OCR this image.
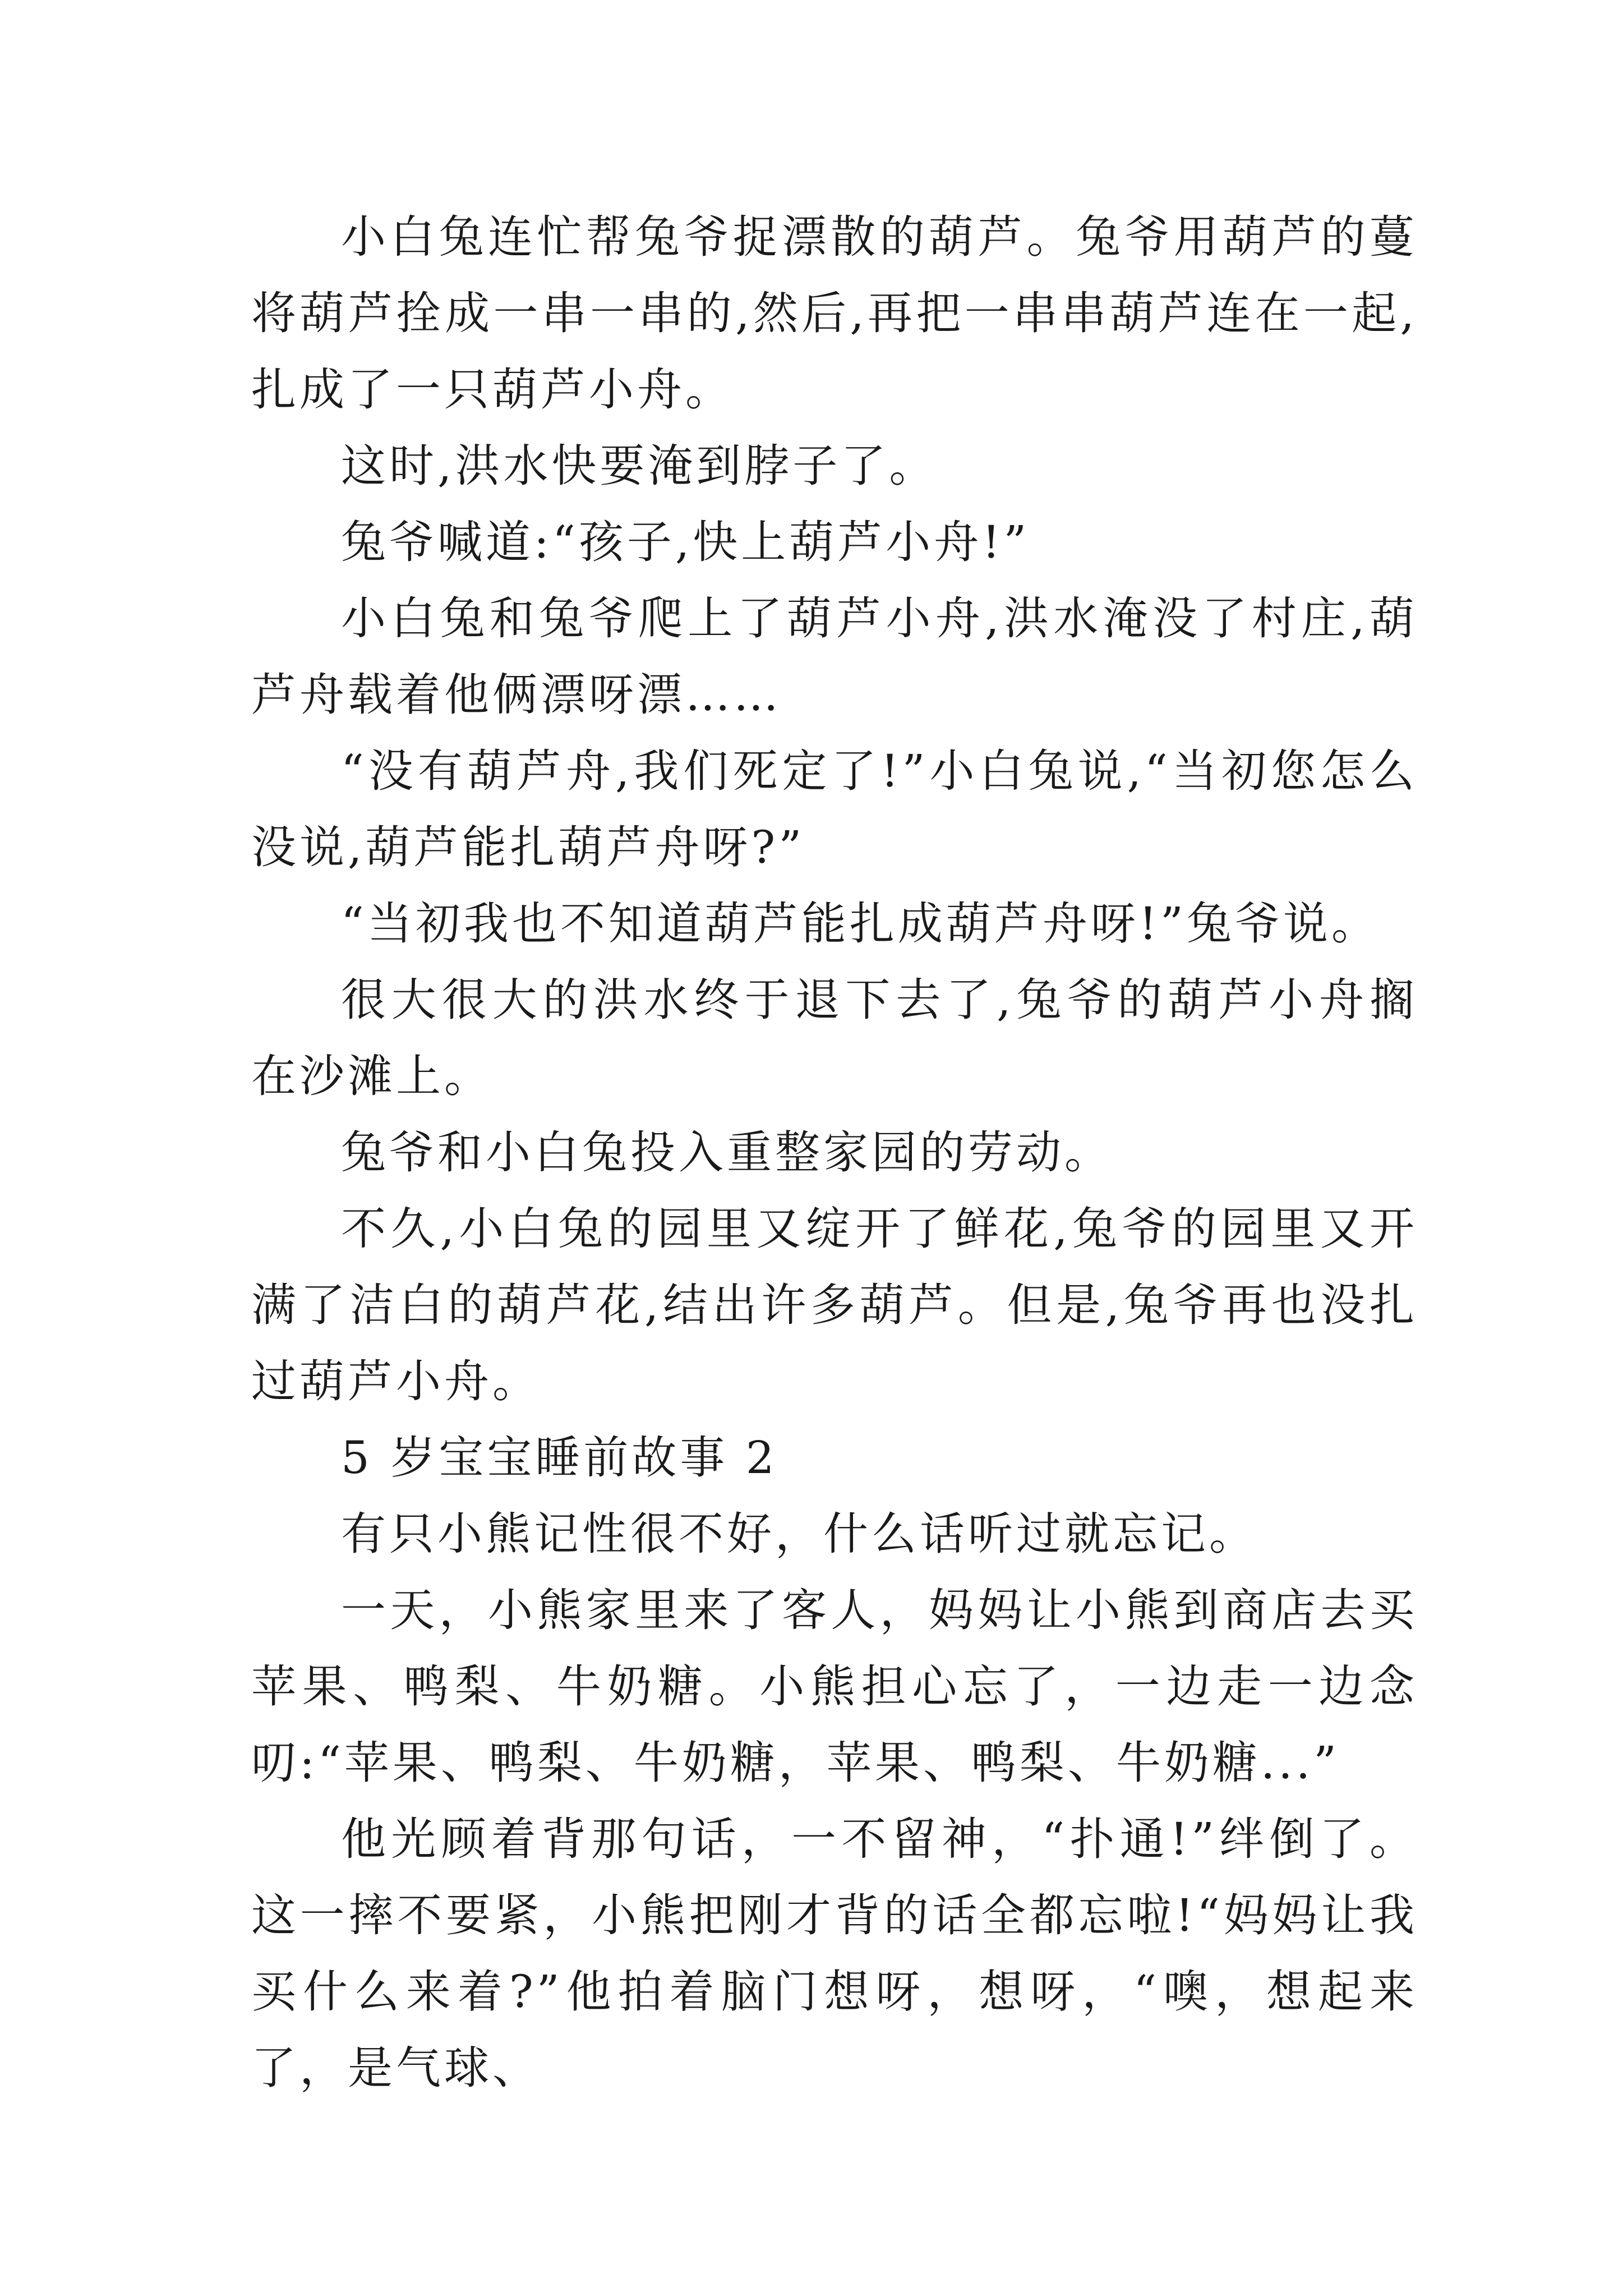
小白兔连忙帮兔爷捉漂散的葫芦。兔爷用葫芦的蔓将葫芦拴成一串一串的,然后,再把一串串葫芦连在一起,扎成了一只葫芦小舟。

这时,洪水快要淹到脖子了。

兔爷喊道:“孩子,快上葫芦小舟!”

小白兔和兔爷爬上了葫芦小舟,洪水淹没了村庄,葫芦舟载着他俩漂呀漂……

“没有葫芦舟,我们死定了!”小白兔说,“当初您怎么没说,葫芦能扎葫芦舟呀?”

“当初我也不知道葫芦能扎成葫芦舟呀!”兔爷说。

很大很大的洪水终于退下去了,兔爷的葫芦小舟搁在沙滩上。

兔爷和小白兔投入重整家园的劳动。

不久,小白兔的园里又绽开了鲜花,兔爷的园里又开满了洁白的葫芦花,结出许多葫芦。但是,兔爷再也没扎过葫芦小舟。

5 岁宝宝睡前故事 2

有只小熊记性很不好，什么话听过就忘记。

一天，小熊家里来了客人，妈妈让小熊到商店去买苹果、鸭梨、牛奶糖。小熊担心忘了，一边走一边念叨:“苹果、鸭梨、牛奶糖，苹果、鸭梨、牛奶糖...”

他光顾着背那句话，一不留神，“扑通!”绊倒了。这一摔不要紧，小熊把刚才背的话全都忘啦!“妈妈让我买什么来着?”他拍着脑门想呀，想呀，“噢，想起来了，是气球、
